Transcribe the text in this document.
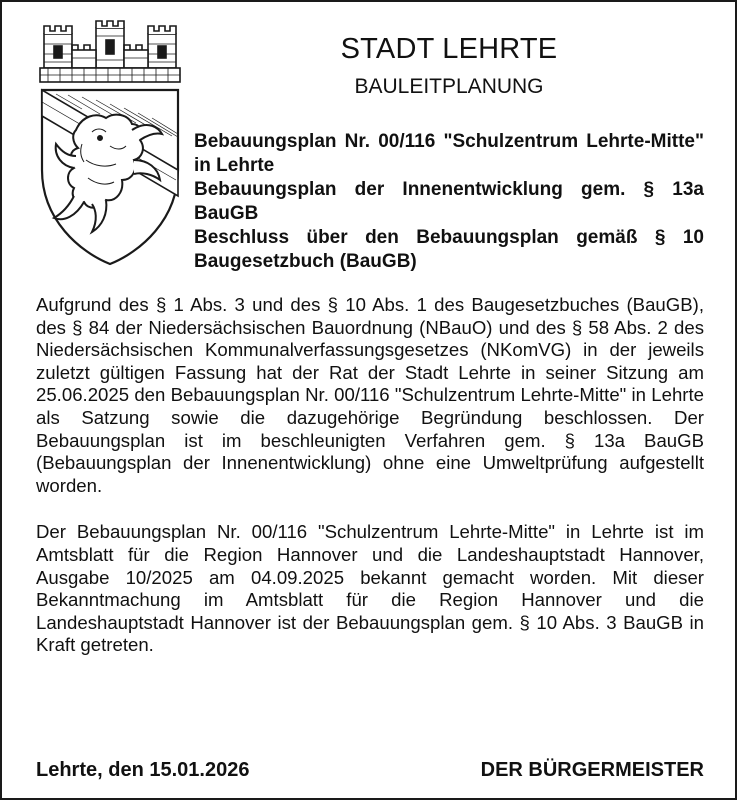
STADT LEHRTE
BAULEITPLANUNG

Bebauungsplan Nr. 00/116 "Schulzentrum Lehrte-Mitte" in Lehrte

Bebauungsplan der Innenentwicklung gem. § 13a BauGB

Beschluss über den Bebauungsplan gemäß § 10 Baugesetzbuch (BauGB)

Aufgrund des § 1 Abs. 3 und des § 10 Abs. 1 des Baugesetzbuches (BauGB), des § 84 der Niedersächsischen Bauordnung (NBauO) und des § 58 Abs. 2 des Niedersächsischen Kommunalverfassungsgesetzes (NKomVG) in der jeweils zuletzt gültigen Fassung hat der Rat der Stadt Lehrte in seiner Sitzung am 25.06.2025 den Bebauungsplan Nr. 00/116 "Schulzentrum Lehrte-Mitte" in Lehrte als Satzung sowie die dazugehörige Begründung beschlossen. Der Bebauungsplan ist im beschleunigten Verfahren gem. § 13a BauGB (Bebauungsplan der Innenentwicklung) ohne eine Umweltprüfung aufgestellt worden.

Der Bebauungsplan Nr. 00/116 "Schulzentrum Lehrte-Mitte" in Lehrte ist im Amtsblatt für die Region Hannover und die Landeshauptstadt Hannover, Ausgabe 10/2025 am 04.09.2025 bekannt gemacht worden. Mit dieser Bekanntmachung im Amtsblatt für die Region Hannover und die Landeshauptstadt Hannover ist der Bebauungsplan gem. § 10 Abs. 3 BauGB in Kraft getreten.

Lehrte, den 15.01.2026	DER BÜRGERMEISTER
